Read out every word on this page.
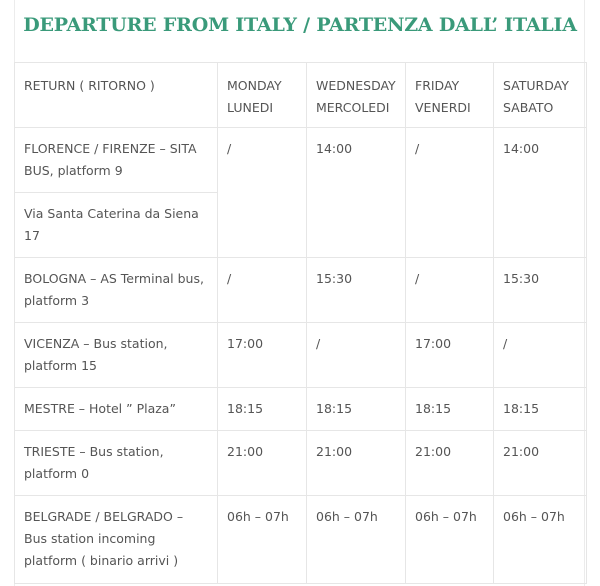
DEPARTURE FROM ITALY / PARTENZA DALL’ ITALIA
RETURN ( RITORNO )	MONDAY LUNEDI	WEDNESDAY MERCOLEDI	FRIDAY VENERDI	SATURDAY SABATO
FLORENCE / FIRENZE – SITA BUS, platform 9	/	14:00	/	14:00
Via Santa Caterina da Siena 17				
BOLOGNA – AS Terminal bus, platform 3	/	15:30	/	15:30
VICENZA – Bus station, platform 15	17:00	/	17:00	/
MESTRE – Hotel ” Plaza”	18:15	18:15	18:15	18:15
TRIESTE – Bus station, platform 0	21:00	21:00	21:00	21:00
BELGRADE / BELGRADO – Bus station incoming platform ( binario arrivi )	06h – 07h	06h – 07h	06h – 07h	06h – 07h
